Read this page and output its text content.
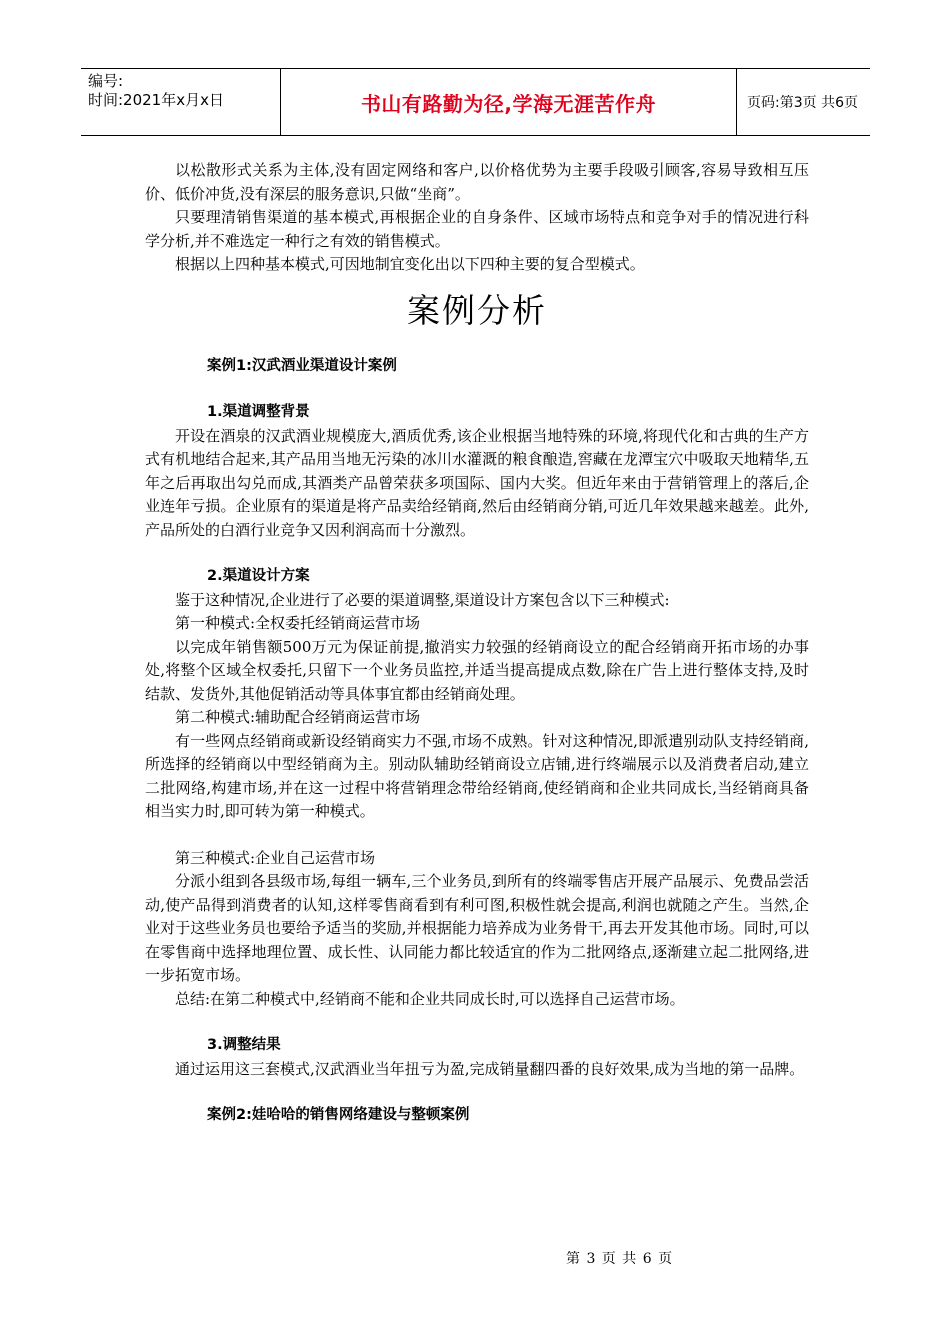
编号:
时间:2021年x月x日	书山有路勤为径,学海无涯苦作舟	页码:第3页 共6页

以松散形式关系为主体,没有固定网络和客户,以价格优势为主要手段吸引顾客,容易导致相互压价、低价冲货,没有深层的服务意识,只做“坐商”。

只要理清销售渠道的基本模式,再根据企业的自身条件、区域市场特点和竞争对手的情况进行科学分析,并不难选定一种行之有效的销售模式。

根据以上四种基本模式,可因地制宜变化出以下四种主要的复合型模式。

案例分析

案例1:汉武酒业渠道设计案例

1.渠道调整背景

开设在酒泉的汉武酒业规模庞大,酒质优秀,该企业根据当地特殊的环境,将现代化和古典的生产方式有机地结合起来,其产品用当地无污染的冰川水灌溉的粮食酿造,窖藏在龙潭宝穴中吸取天地精华,五年之后再取出勾兑而成,其酒类产品曾荣获多项国际、国内大奖。但近年来由于营销管理上的落后,企业连年亏损。企业原有的渠道是将产品卖给经销商,然后由经销商分销,可近几年效果越来越差。此外,产品所处的白酒行业竞争又因利润高而十分激烈。

2.渠道设计方案

鉴于这种情况,企业进行了必要的渠道调整,渠道设计方案包含以下三种模式:

第一种模式:全权委托经销商运营市场

以完成年销售额500万元为保证前提,撤消实力较强的经销商设立的配合经销商开拓市场的办事处,将整个区域全权委托,只留下一个业务员监控,并适当提高提成点数,除在广告上进行整体支持,及时结款、发货外,其他促销活动等具体事宜都由经销商处理。

第二种模式:辅助配合经销商运营市场

有一些网点经销商或新设经销商实力不强,市场不成熟。针对这种情况,即派遣别动队支持经销商,所选择的经销商以中型经销商为主。别动队辅助经销商设立店铺,进行终端展示以及消费者启动,建立二批网络,构建市场,并在这一过程中将营销理念带给经销商,使经销商和企业共同成长,当经销商具备相当实力时,即可转为第一种模式。

第三种模式:企业自己运营市场

分派小组到各县级市场,每组一辆车,三个业务员,到所有的终端零售店开展产品展示、免费品尝活动,使产品得到消费者的认知,这样零售商看到有利可图,积极性就会提高,利润也就随之产生。当然,企业对于这些业务员也要给予适当的奖励,并根据能力培养成为业务骨干,再去开发其他市场。同时,可以在零售商中选择地理位置、成长性、认同能力都比较适宜的作为二批网络点,逐渐建立起二批网络,进一步拓宽市场。

总结:在第二种模式中,经销商不能和企业共同成长时,可以选择自己运营市场。

3.调整结果

通过运用这三套模式,汉武酒业当年扭亏为盈,完成销量翻四番的良好效果,成为当地的第一品牌。

案例2:娃哈哈的销售网络建设与整顿案例

第 3 页 共 6 页
